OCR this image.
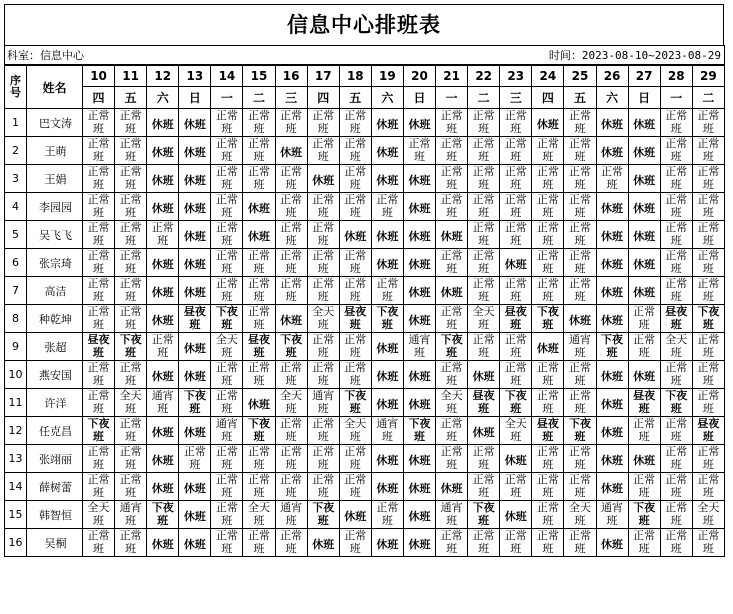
信息中心排班表
科室：信息中心	时间：2023-08-10~2023-08-29
序号	姓名	10	11	12	13	14	15	16	17	18	19	20	21	22	23	24	25	26	27	28	29
		四	五	六	日	一	二	三	四	五	六	日	一	二	三	四	五	六	日	一	二
1	巴文涛	正常班	正常班	休班	休班	正常班	正常班	正常班	正常班	正常班	休班	休班	正常班	正常班	正常班	休班	正常班	休班	休班	正常班	正常班
2	王萌	正常班	正常班	休班	休班	正常班	正常班	休班	正常班	正常班	休班	正常班	正常班	正常班	正常班	正常班	正常班	休班	休班	正常班	正常班
3	王娟	正常班	正常班	休班	休班	正常班	正常班	正常班	休班	正常班	休班	休班	正常班	正常班	正常班	正常班	正常班	正常班	休班	正常班	正常班
4	李园园	正常班	正常班	休班	休班	正常班	休班	正常班	正常班	正常班	正常班	休班	正常班	正常班	正常班	正常班	正常班	休班	休班	正常班	正常班
5	吴飞飞	正常班	正常班	正常班	休班	正常班	休班	正常班	正常班	休班	休班	休班	休班	正常班	正常班	正常班	正常班	休班	休班	正常班	正常班
6	张宗琦	正常班	正常班	休班	休班	正常班	正常班	正常班	正常班	正常班	休班	休班	正常班	正常班	休班	正常班	正常班	休班	休班	正常班	正常班
7	高洁	正常班	正常班	休班	休班	正常班	正常班	正常班	正常班	正常班	正常班	休班	休班	正常班	正常班	正常班	正常班	休班	休班	正常班	正常班
8	种乾坤	正常班	正常班	休班	昼夜班	下夜班	正常班	休班	全天班	昼夜班	下夜班	休班	正常班	全天班	昼夜班	下夜班	休班	休班	正常班	昼夜班	下夜班
9	张超	昼夜班	下夜班	正常班	休班	全天班	昼夜班	下夜班	正常班	正常班	休班	通宵班	下夜班	正常班	正常班	休班	通宵班	下夜班	正常班	全天班	正常班
10	燕安国	正常班	正常班	休班	休班	正常班	正常班	正常班	正常班	正常班	休班	休班	正常班	休班	正常班	正常班	正常班	休班	休班	正常班	正常班
11	许洋	正常班	全天班	通宵班	下夜班	正常班	休班	全天班	通宵班	下夜班	休班	休班	全天班	昼夜班	下夜班	正常班	正常班	休班	昼夜班	下夜班	正常班
12	任克昌	下夜班	正常班	休班	休班	通宵班	下夜班	正常班	正常班	全天班	通宵班	下夜班	正常班	休班	全天班	昼夜班	下夜班	休班	正常班	正常班	昼夜班
13	张翊丽	正常班	正常班	休班	正常班	正常班	正常班	正常班	正常班	正常班	休班	休班	正常班	正常班	休班	正常班	正常班	休班	休班	正常班	正常班
14	薛树蕾	正常班	正常班	休班	休班	正常班	正常班	正常班	正常班	正常班	休班	休班	休班	正常班	正常班	正常班	正常班	休班	正常班	正常班	正常班
15	韩智恒	全天班	通宵班	下夜班	休班	正常班	全天班	通宵班	下夜班	休班	正常班	休班	通宵班	下夜班	休班	正常班	全天班	通宵班	下夜班	正常班	全天班
16	吴桐	正常班	正常班	休班	休班	正常班	正常班	正常班	休班	正常班	休班	休班	正常班	正常班	正常班	正常班	正常班	休班	正常班	正常班	正常班
